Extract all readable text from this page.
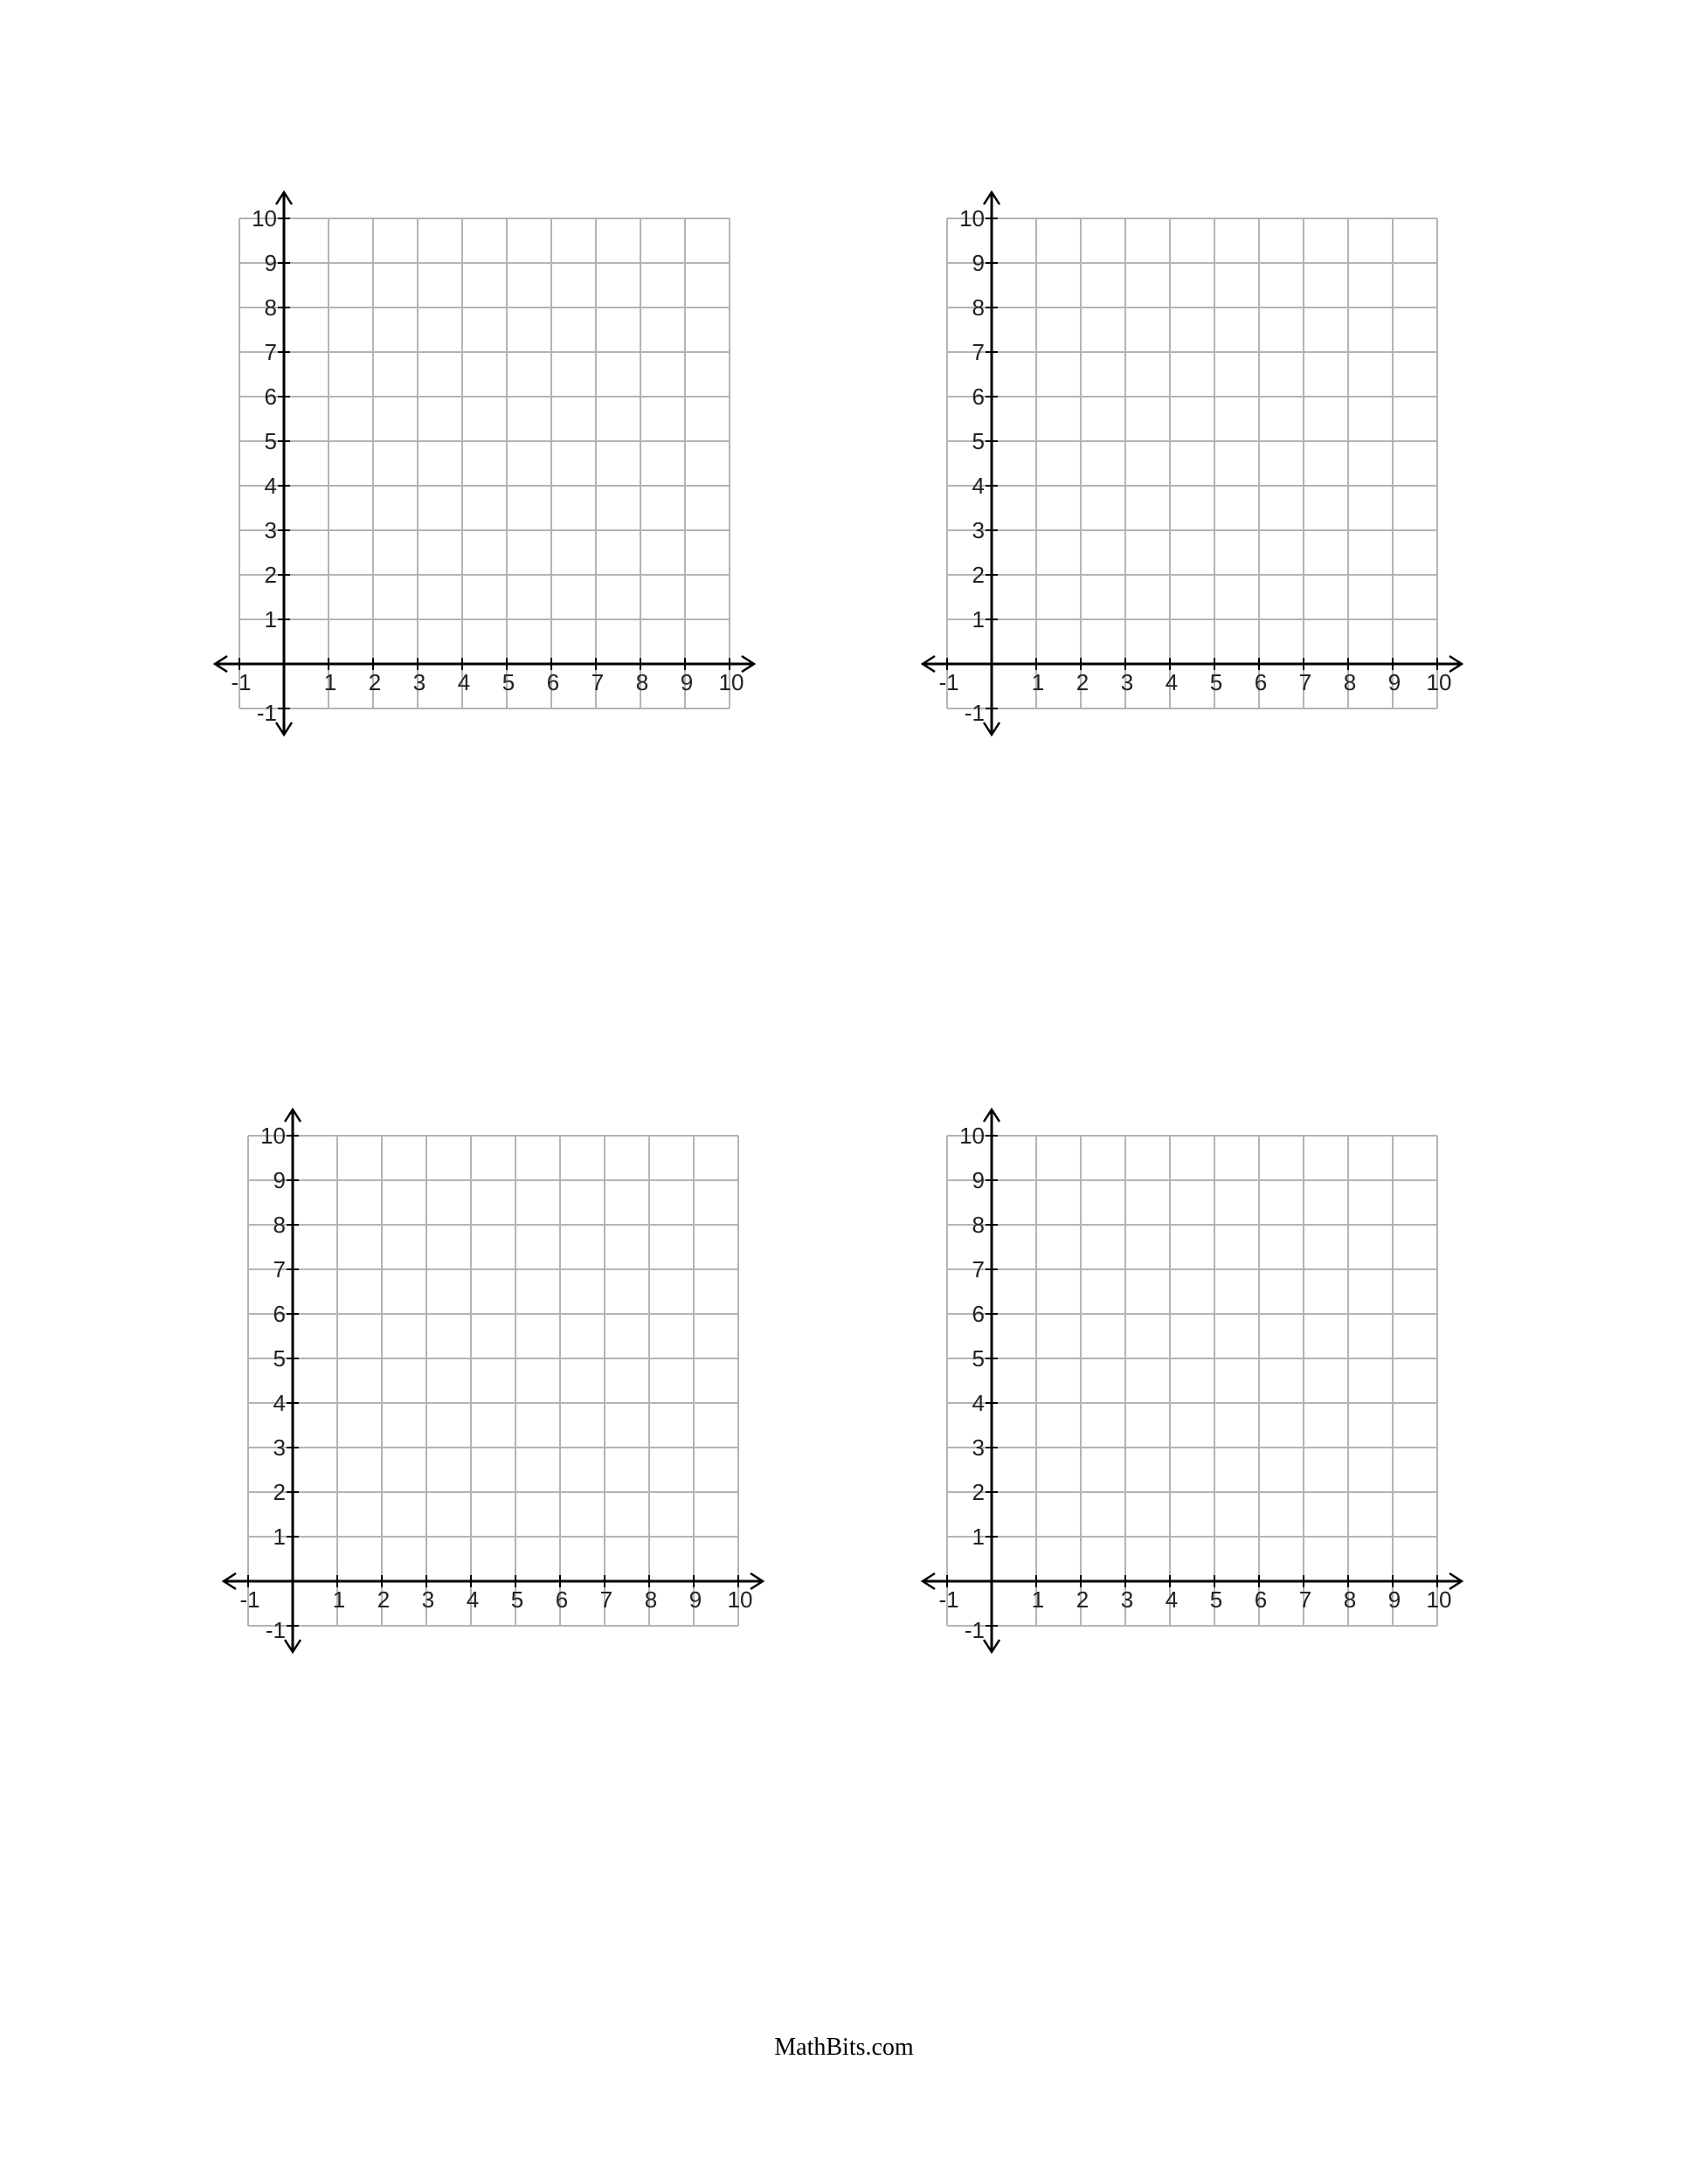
-1	1 2 3 4 5 6 7 8 9 10
-1
1
2
3
4
5
6
7
8
9
10
-1	1 2 3 4 5 6 7 8 9 10
-1
1
2
3
4
5
6
7
8
9
10
-1	1 2 3 4 5 6 7 8 9 10
-1
1
2
3
4
5
6
7
8
9
10
-1	1 2 3 4 5 6 7 8 9 10
-1
1
2
3
4
5
6
7
8
9
10
MathBits.com
